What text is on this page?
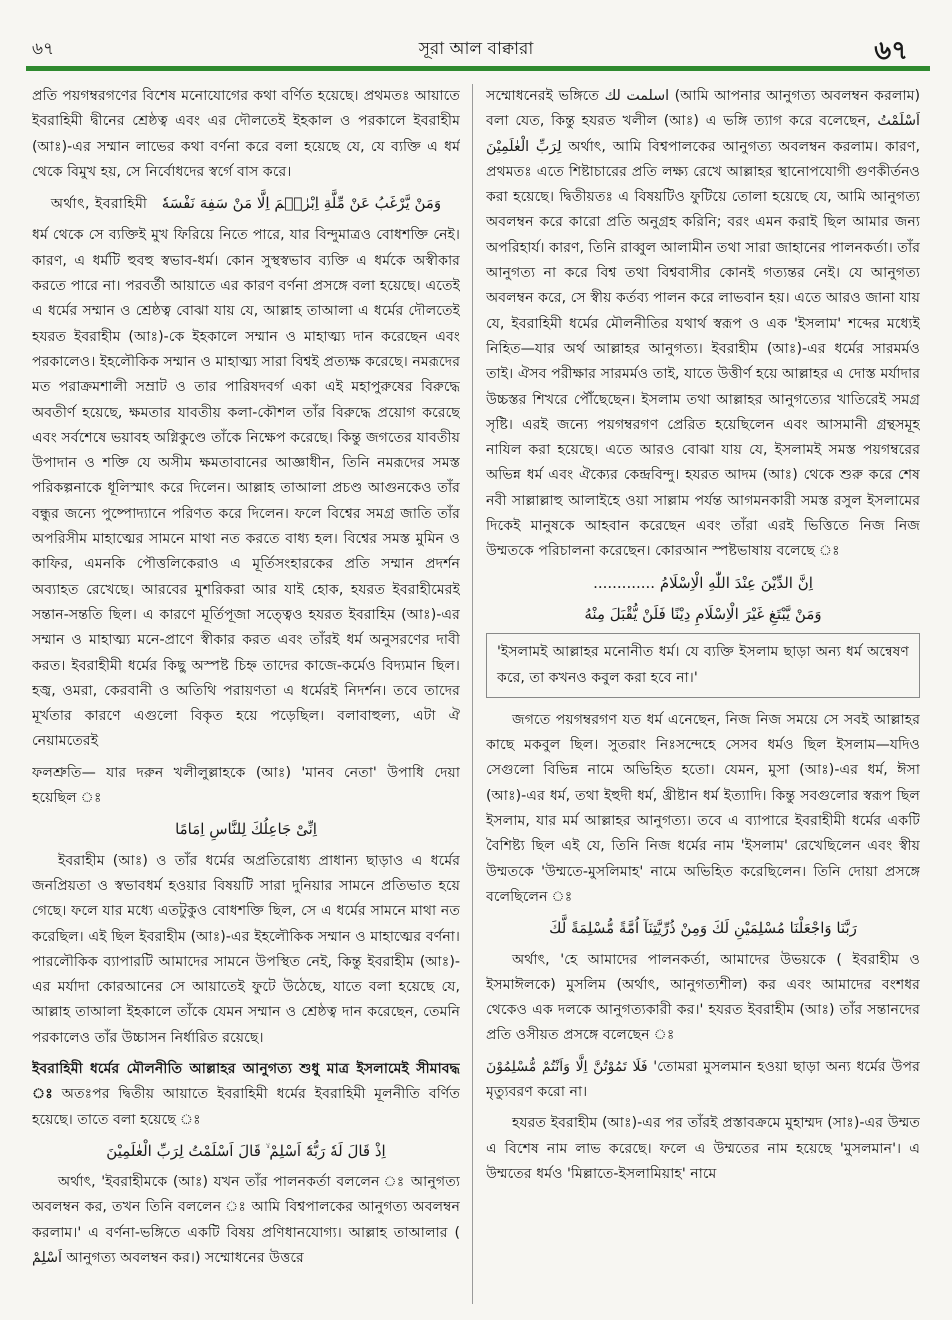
৬৭	সূরা আল বাক্বারা	৬৭

প্রতি পয়গম্বরগণের বিশেষ মনোযোগের কথা বর্ণিত হয়েছে। প্রথমতঃ আয়াতে ইবরাহিমী দ্বীনের শ্রেষ্ঠত্ব এবং এর দৌলতেই ইহকাল ও পরকালে ইবরাহীম (আঃ)-এর সম্মান লাভের কথা বর্ণনা করে বলা হয়েছে যে, যে ব্যক্তি এ ধর্ম থেকে বিমুখ হয়, সে নির্বোধদের স্বর্গে বাস করে।

وَمَنْ يَّرْغَبُ عَنْ مِّلَّةِ اِبْرٰهٖمَ اِلَّا مَنْ سَفِهَ نَفْسَهٗ   অর্থাৎ, ইবরাহিমী

ধর্ম থেকে সে ব্যক্তিই মুখ ফিরিয়ে নিতে পারে, যার বিন্দুমাত্রও বোধশক্তি নেই। কারণ, এ ধর্মটি হুবহু স্বভাব-ধর্ম। কোন সুস্থস্বভাব ব্যক্তি এ ধর্মকে অস্বীকার করতে পারে না। পরবর্তী আয়াতে এর কারণ বর্ণনা প্রসঙ্গে বলা হয়েছে। এতেই এ ধর্মের সম্মান ও শ্রেষ্ঠত্ব বোঝা যায় যে, আল্লাহ তাআলা এ ধর্মের দৌলতেই হযরত ইবরাহীম (আঃ)-কে ইহকালে সম্মান ও মাহাত্ম্য দান করেছেন এবং পরকালেও। ইহলৌকিক সম্মান ও মাহাত্ম্য সারা বিশ্বই প্রত্যক্ষ করেছে। নমরূদের মত পরাক্রমশালী সম্রাট ও তার পারিষদবর্গ একা এই মহাপুরুষের বিরুদ্ধে অবতীর্ণ হয়েছে, ক্ষমতার যাবতীয় কলা-কৌশল তাঁর বিরুদ্ধে প্রয়োগ করেছে এবং সর্বশেষে ভয়াবহ অগ্নিকুণ্ডে তাঁকে নিক্ষেপ করেছে। কিন্তু জগতের যাবতীয় উপাদান ও শক্তি যে অসীম ক্ষমতাবানের আজ্ঞাধীন, তিনি নমরূদের সমস্ত পরিকল্পনাকে ধূলিস্মাৎ করে দিলেন। আল্লাহ তাআলা প্রচণ্ড আগুনকেও তাঁর বন্ধুর জন্যে পুষ্পোদ্যানে পরিণত করে দিলেন। ফলে বিশ্বের সমগ্র জাতি তাঁর অপরিসীম মাহাত্মের সামনে মাথা নত করতে বাধ্য হল। বিশ্বের সমস্ত মুমিন ও কাফির, এমনকি পৌত্তলিকেরাও এ মূর্তিসংহারকের প্রতি সম্মান প্রদর্শন অব্যাহত রেখেছে। আরবের মুশরিকরা আর যাই হোক, হযরত ইবরাহীমেরই সন্তান-সন্ততি ছিল। এ কারণে মূর্তিপূজা সত্ত্বেও হযরত ইবরাহিম (আঃ)-এর সম্মান ও মাহাত্ম্য মনে-প্রাণে স্বীকার করত এবং তাঁরই ধর্ম অনুসরণের দাবী করত। ইবরাহীমী ধর্মের কিছু অস্পষ্ট চিহ্ন তাদের কাজে-কর্মেও বিদ্যমান ছিল। হজ্ব, ওমরা, কেরবানী ও অতিথি পরায়ণতা এ ধর্মেরই নিদর্শন। তবে তাদের মূর্খতার কারণে এগুলো বিকৃত হয়ে পড়েছিল। বলাবাহুল্য, এটা ঐ নেয়ামতেরই

ফলশ্রুতি— যার দরুন খলীলুল্লাহকে (আঃ) 'মানব নেতা' উপাধি দেয়া হয়েছিল ঃ

اِنِّىْ جَاعِلُكَ لِلنَّاسِ اِمَامًا

ইবরাহীম (আঃ) ও তাঁর ধর্মের অপ্রতিরোধ্য প্রাধান্য ছাড়াও এ ধর্মের জনপ্রিয়তা ও স্বভাবধর্ম হওয়ার বিষয়টি সারা দুনিয়ার সামনে প্রতিভাত হয়ে গেছে। ফলে যার মধ্যে এতটুকুও বোধশক্তি ছিল, সে এ ধর্মের সামনে মাথা নত করেছিল। এই ছিল ইবরাহীম (আঃ)-এর ইহলৌকিক সম্মান ও মাহাত্মের বর্ণনা। পারলৌকিক ব্যাপারটি আমাদের সামনে উপস্থিত নেই, কিন্তু ইবরাহীম (আঃ)-এর মর্যাদা কোরআনের সে আয়াতেই ফুটে উঠেছে, যাতে বলা হয়েছে যে, আল্লাহ তাআলা ইহকালে তাঁকে যেমন সম্মান ও শ্রেষ্ঠত্ব দান করেছেন, তেমনি পরকালেও তাঁর উচ্চাসন নির্ধারিত রয়েছে।

ইবরাহিমী ধর্মের মৌলনীতি আল্লাহর আনুগত্য শুধু মাত্র ইসলামেই সীমাবদ্ধ ঃ অতঃপর দ্বিতীয় আয়াতে ইবরাহিমী ধর্মের ইবরাহিমী মূলনীতি বর্ণিত হয়েছে। তাতে বলা হয়েছে ঃ

اِذْ قَالَ لَهٗ رَبُّهٗٓ اَسْلِمْ ۙ قَالَ اَسْلَمْتُ لِرَبِّ الْعٰلَمِيْنَ

অর্থাৎ, 'ইবরাহীমকে (আঃ) যখন তাঁর পালনকর্তা বললেন ঃ আনুগত্য অবলম্বন কর, তখন তিনি বললেন ঃ আমি বিশ্বপালকের আনুগত্য অবলম্বন করলাম।' এ বর্ণনা-ভঙ্গিতে একটি বিষয় প্রণিধানযোগ্য। আল্লাহ তাআলার ( اَسْلِمْ আনুগত্য অবলম্বন কর।) সম্মোধনের উত্তরে

সম্মোধনেরই ভঙ্গিতে اسلمت لك (আমি আপনার আনুগত্য অবলম্বন করলাম) বলা যেত, কিন্তু হযরত খলীল (আঃ) এ ভঙ্গি ত্যাগ করে বলেছেন, اَسْلَمْتُ لِرَبِّ الْعٰلَمِيْنَ অর্থাৎ, আমি বিশ্বপালকের আনুগত্য অবলম্বন করলাম। কারণ, প্রথমতঃ এতে শিষ্টাচারের প্রতি লক্ষ্য রেখে আল্লাহর স্থানোপযোগী গুণকীর্তনও করা হয়েছে। দ্বিতীয়তঃ এ বিষয়টিও ফুটিয়ে তোলা হয়েছে যে, আমি আনুগত্য অবলম্বন করে কারো প্রতি অনুগ্রহ করিনি; বরং এমন করাই ছিল আমার জন্য অপরিহার্য। কারণ, তিনি রাব্বুল আলামীন তথা সারা জাহানের পালনকর্তা। তাঁর আনুগত্য না করে বিশ্ব তথা বিশ্ববাসীর কোনই গত্যন্তর নেই। যে আনুগত্য অবলম্বন করে, সে স্বীয় কর্তব্য পালন করে লাভবান হয়। এতে আরও জানা যায় যে, ইবরাহিমী ধর্মের মৌলনীতির যথার্থ স্বরূপ ও এক 'ইসলাম' শব্দের মধ্যেই নিহিত—যার অর্থ আল্লাহর আনুগত্য। ইবরাহীম (আঃ)-এর ধর্মের সারমর্মও তাই। ঐসব পরীক্ষার সারমর্মও তাই, যাতে উত্তীর্ণ হয়ে আল্লাহর এ দোস্ত মর্যাদার উচ্চস্তর শিখরে পৌঁছেছেন। ইসলাম তথা আল্লাহর আনুগত্যের খাতিরেই সমগ্র সৃষ্টি। এরই জন্যে পয়গম্বরগণ প্রেরিত হয়েছিলেন এবং আসমানী গ্রন্থসমূহ নাযিল করা হয়েছে। এতে আরও বোঝা যায় যে, ইসলামই সমস্ত পয়গম্বরের অভিন্ন ধর্ম এবং ঐক্যের কেন্দ্রবিন্দু। হযরত আদম (আঃ) থেকে শুরু করে শেষ নবী সাল্লাল্লাহু আলাইহে ওয়া সাল্লাম পর্যন্ত আগমনকারী সমস্ত রসুল ইসলামের দিকেই মানুষকে আহবান করেছেন এবং তাঁরা এরই ভিত্তিতে নিজ নিজ উম্মতকে পরিচালনা করেছেন। কোরআন স্পষ্টভাষায় বলেছে ঃ

اِنَّ الدِّيْنَ عِنْدَ اللّٰهِ الْاِسْلَامُ .............
وَمَنْ يَّبْتَغِ غَيْرَ الْاِسْلَامِ دِيْنًا فَلَنْ يُّقْبَلَ مِنْهُ
'ইসলামই আল্লাহর মনোনীত ধর্ম। যে ব্যক্তি ইসলাম ছাড়া অন্য ধর্ম অন্বেষণ করে, তা কখনও কবুল করা হবে না।'

জগতে পয়গম্বরগণ যত ধর্ম এনেছেন, নিজ নিজ সময়ে সে সবই আল্লাহর কাছে মকবুল ছিল। সুতরাং নিঃসন্দেহে সেসব ধর্মও ছিল ইসলাম—যদিও সেগুলো বিভিন্ন নামে অভিহিত হতো। যেমন, মুসা (আঃ)-এর ধর্ম, ঈসা (আঃ)-এর ধর্ম, তথা ইহুদী ধর্ম, খ্রীষ্টান ধর্ম ইত্যাদি। কিন্তু সবগুলোর স্বরূপ ছিল ইসলাম, যার মর্ম আল্লাহর আনুগত্য। তবে এ ব্যাপারে ইবরাহীমী ধর্মের একটি বৈশিষ্ট্য ছিল এই যে, তিনি নিজ ধর্মের নাম 'ইসলাম' রেখেছিলেন এবং স্বীয় উম্মতকে 'উম্মতে-মুসলিমাহ' নামে অভিহিত করেছিলেন। তিনি দোয়া প্রসঙ্গে বলেছিলেন ঃ

رَبَّنَا وَاجْعَلْنَا مُسْلِمَيْنِ لَكَ وَمِنْ ذُرِّيَّتِنَآ اُمَّةً مُّسْلِمَةً لَّكَ

অর্থাৎ, 'হে আমাদের পালনকর্তা, আমাদের উভয়কে ( ইবরাহীম ও ইসমাঈলকে) মুসলিম (অর্থাৎ, আনুগত্যশীল) কর এবং আমাদের বংশধর থেকেও এক দলকে আনুগত্যকারী কর।' হযরত ইবরাহীম (আঃ) তাঁর সন্তানদের প্রতি ওসীয়ত প্রসঙ্গে বলেছেন ঃ

فَلَا تَمُوْتُنَّ اِلَّا وَاَنْتُمْ مُّسْلِمُوْنَ 'তোমরা মুসলমান হওয়া ছাড়া অন্য ধর্মের উপর মৃত্যুবরণ করো না।

হযরত ইবরাহীম (আঃ)-এর পর তাঁরই প্রস্তাবক্রমে মুহাম্মদ (সাঃ)-এর উম্মত এ বিশেষ নাম লাভ করেছে। ফলে এ উম্মতের নাম হয়েছে 'মুসলমান'। এ উম্মতের ধর্মও 'মিল্লাতে-ইসলামিয়াহ' নামে
